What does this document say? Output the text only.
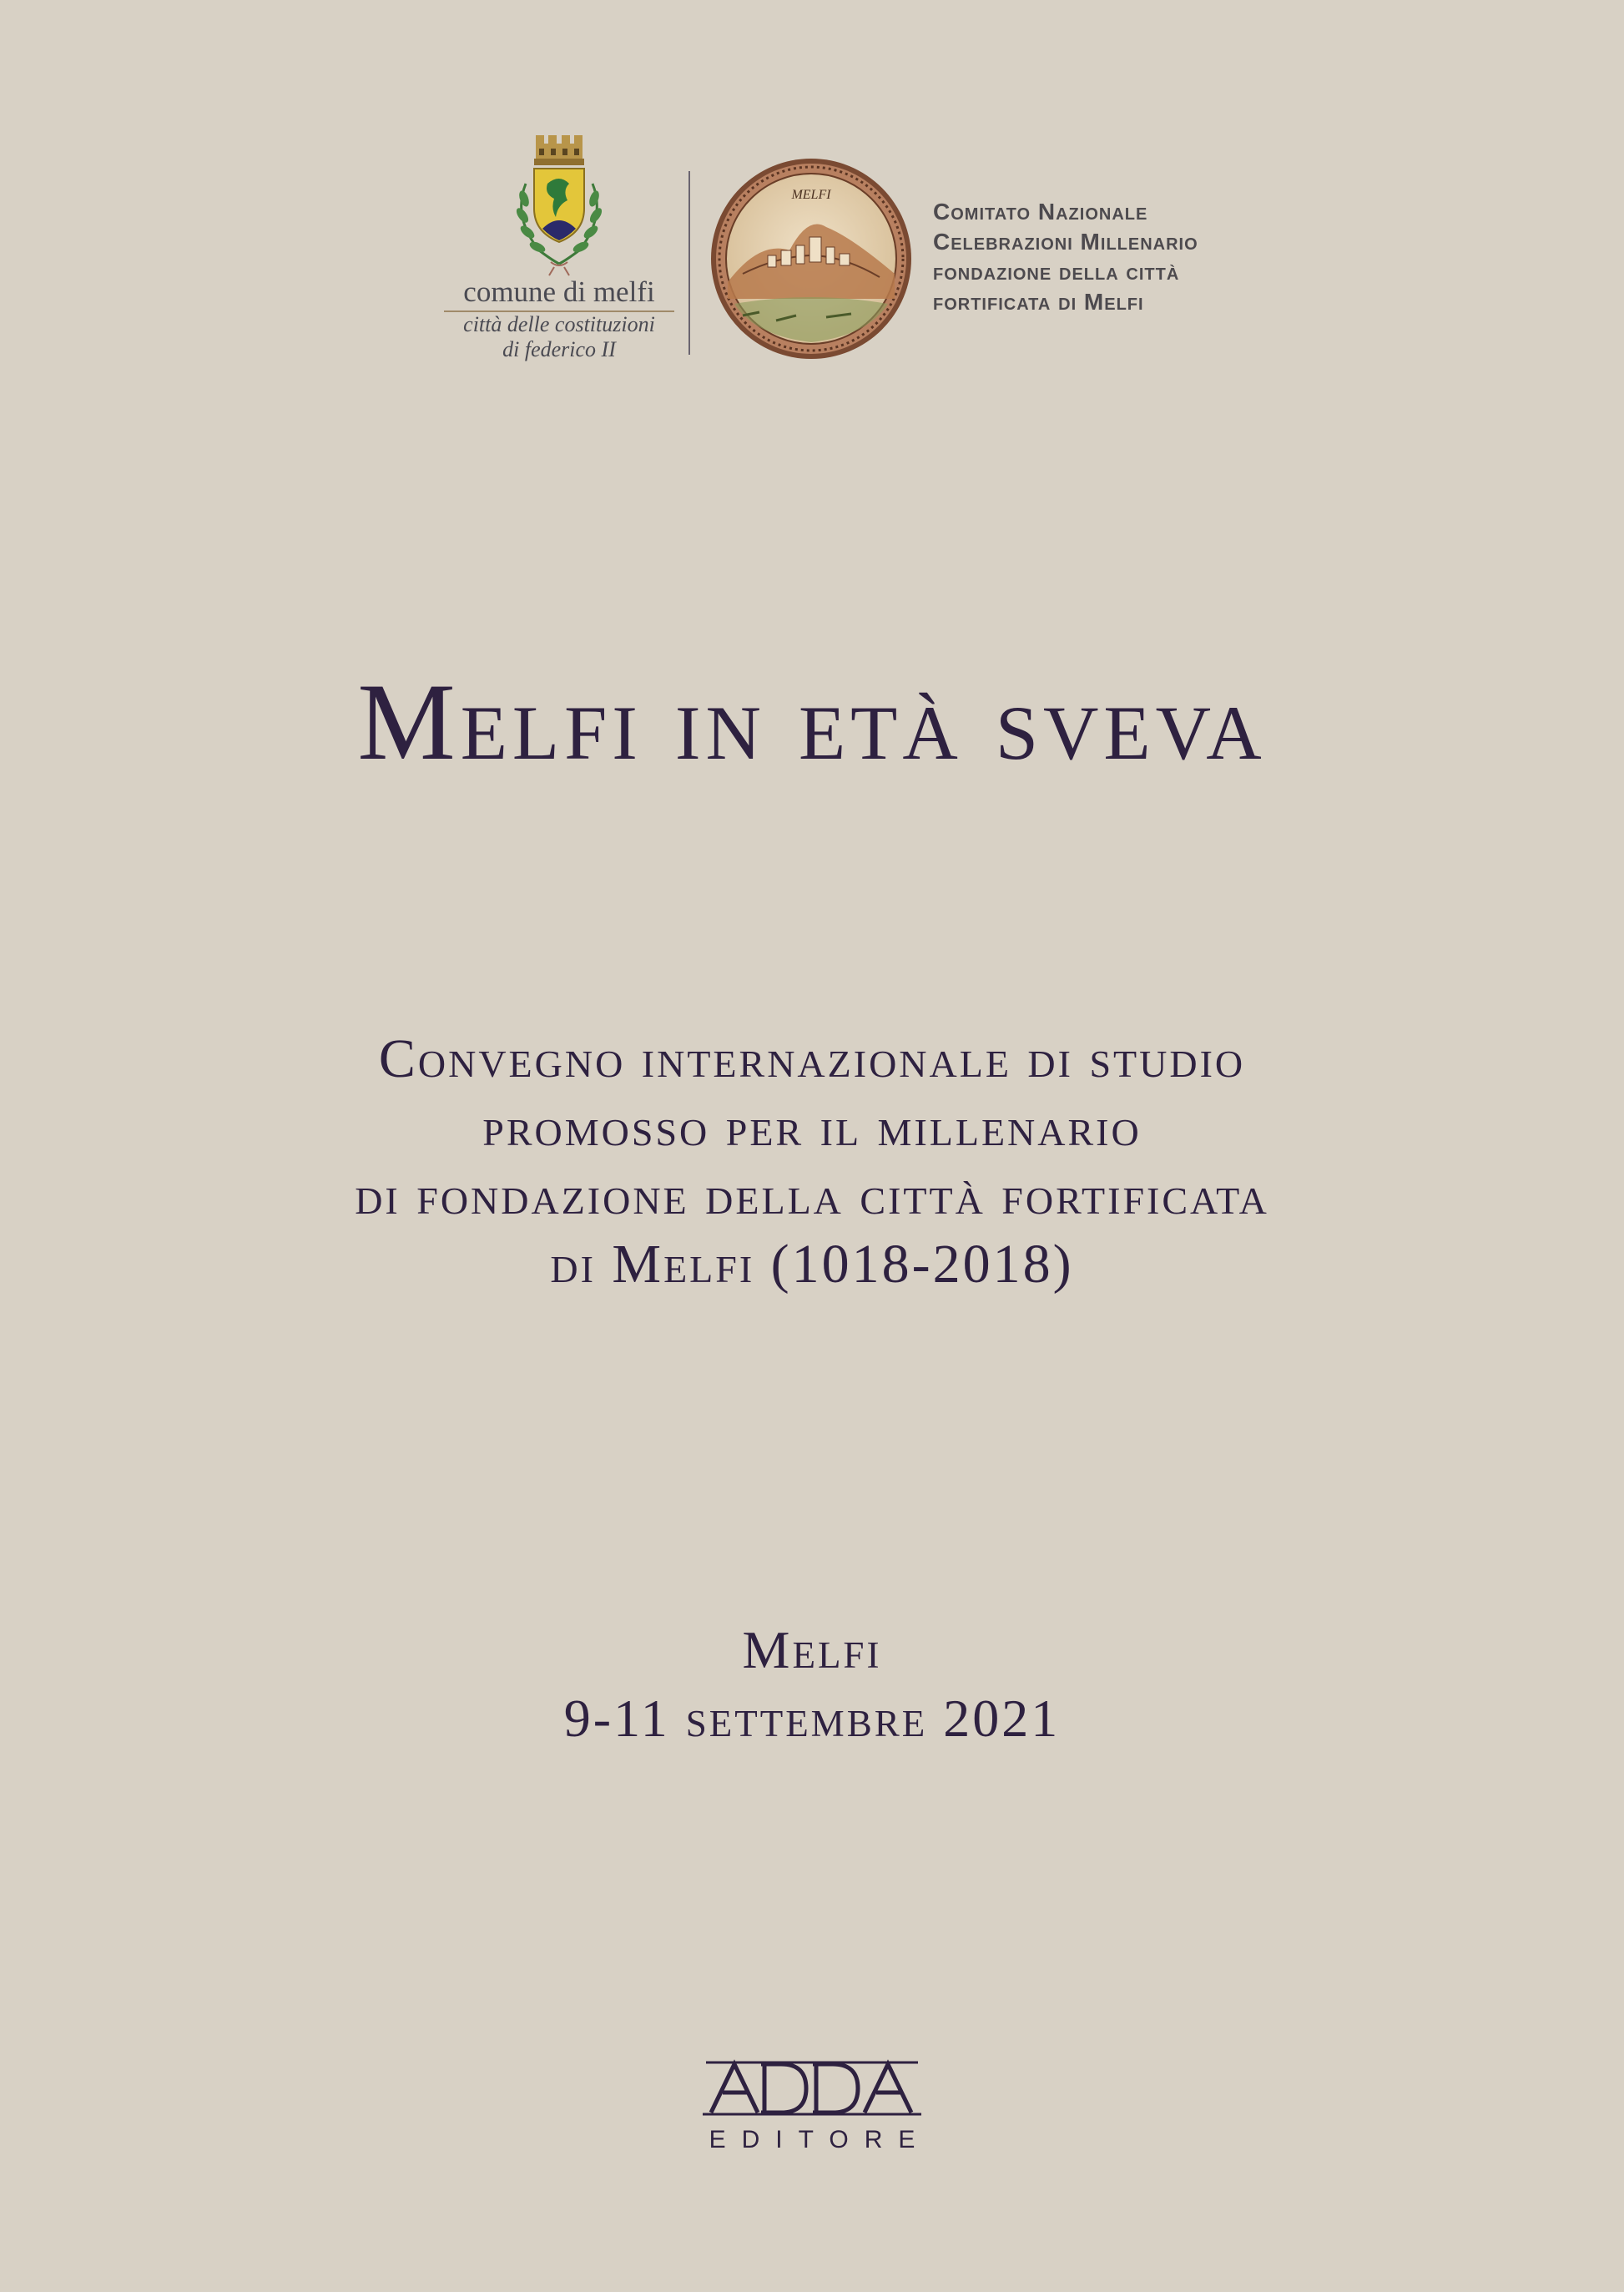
comune di melfi
città delle costituzioni
di federico II
MELFI
Comitato Nazionale
Celebrazioni Millenario
fondazione della città
fortificata di Melfi
Melfi in età sveva
Convegno internazionale di studio
promosso per il millenario
di fondazione della città fortificata
di Melfi (1018-2018)
Melfi
9-11 settembre 2021
EDITORE
